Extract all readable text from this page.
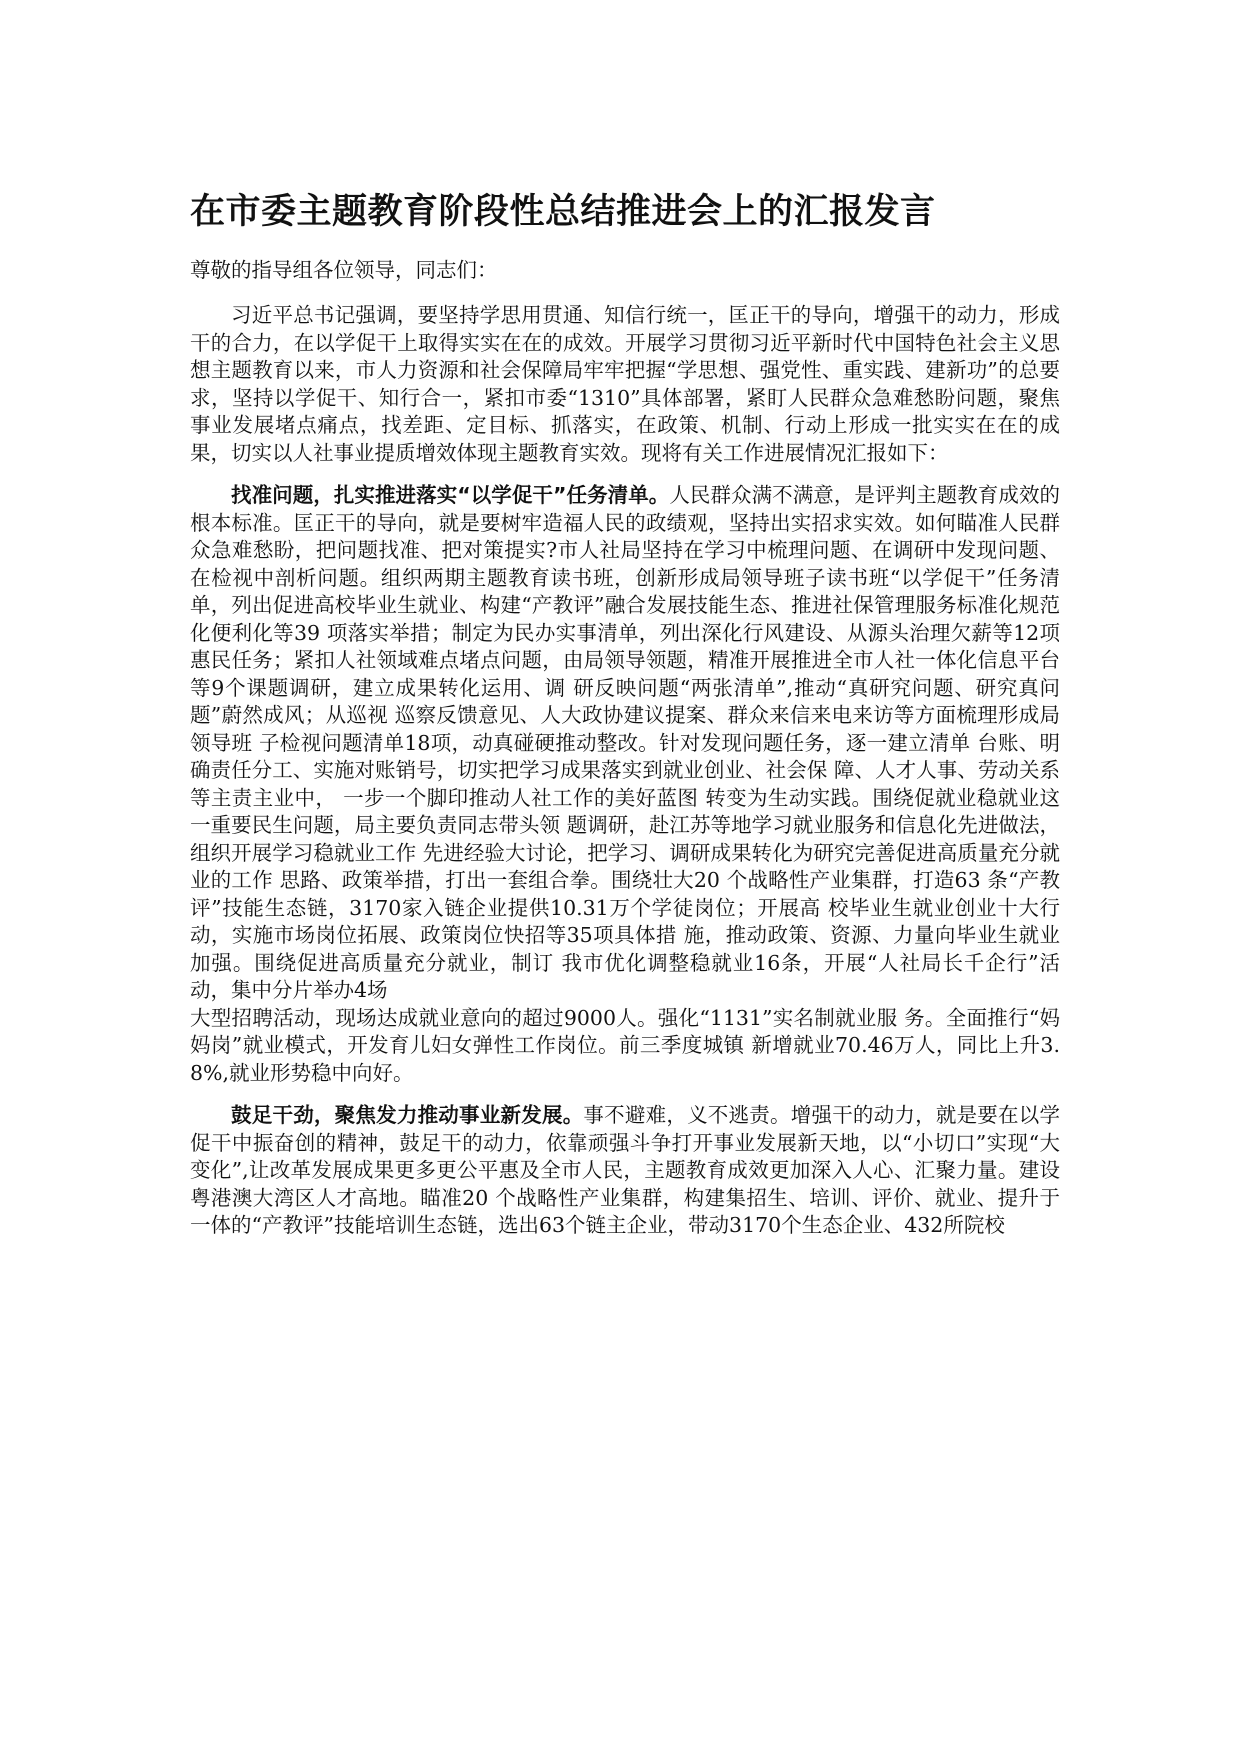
在市委主题教育阶段性总结推进会上的汇报发言

尊敬的指导组各位领导，同志们：

习近平总书记强调，要坚持学思用贯通、知信行统一，匡正干的导向，增强干的动力，形成干的合力，在以学促干上取得实实在在的成效。开展学习贯彻习近平新时代中国特色社会主义思想主题教育以来，市人力资源和社会保障局牢牢把握“学思想、强党性、重实践、建新功”的总要求，坚持以学促干、知行合一，紧扣市委“1310”具体部署，紧盯人民群众急难愁盼问题，聚焦事业发展堵点痛点，找差距、定目标、抓落实，在政策、机制、行动上形成一批实实在在的成果，切实以人社事业提质增效体现主题教育实效。现将有关工作进展情况汇报如下：

找准问题，扎实推进落实“以学促干”任务清单。人民群众满不满意，是评判主题教育成效的根本标准。匡正干的导向，就是要树牢造福人民的政绩观，坚持出实招求实效。如何瞄准人民群众急难愁盼，把问题找准、把对策提实?市人社局坚持在学习中梳理问题、在调研中发现问题、在检视中剖析问题。组织两期主题教育读书班，创新形成局领导班子读书班“以学促干”任务清单，列出促进高校毕业生就业、构建“产教评”融合发展技能生态、推进社保管理服务标准化规范化便利化等39 项落实举措；制定为民办实事清单，列出深化行风建设、从源头治理欠薪等12项惠民任务；紧扣人社领域难点堵点问题，由局领导领题，精准开展推进全市人社一体化信息平台等9个课题调研，建立成果转化运用、调 研反映问题“两张清单”,推动“真研究问题、研究真问题”蔚然成风；从巡视 巡察反馈意见、人大政协建议提案、群众来信来电来访等方面梳理形成局领导班 子检视问题清单18项，动真碰硬推动整改。针对发现问题任务，逐一建立清单 台账、明确责任分工、实施对账销号，切实把学习成果落实到就业创业、社会保 障、人才人事、劳动关系等主责主业中， 一步一个脚印推动人社工作的美好蓝图 转变为生动实践。围绕促就业稳就业这一重要民生问题，局主要负责同志带头领 题调研，赴江苏等地学习就业服务和信息化先进做法，组织开展学习稳就业工作 先进经验大讨论，把学习、调研成果转化为研究完善促进高质量充分就业的工作 思路、政策举措，打出一套组合拳。围绕壮大20 个战略性产业集群，打造63 条“产教评”技能生态链，3170家入链企业提供10.31万个学徒岗位；开展高 校毕业生就业创业十大行动，实施市场岗位拓展、政策岗位快招等35项具体措 施，推动政策、资源、力量向毕业生就业加强。围绕促进高质量充分就业，制订 我市优化调整稳就业16条，开展“人社局长千企行”活动，集中分片举办4场

大型招聘活动，现场达成就业意向的超过9000人。强化“1131”实名制就业服 务。全面推行“妈妈岗”就业模式，开发育儿妇女弹性工作岗位。前三季度城镇 新增就业70.46万人，同比上升3.8%,就业形势稳中向好。

鼓足干劲，聚焦发力推动事业新发展。事不避难，义不逃责。增强干的动力，就是要在以学促干中振奋创的精神，鼓足干的动力，依靠顽强斗争打开事业发展新天地，以“小切口”实现“大变化”,让改革发展成果更多更公平惠及全市人民，主题教育成效更加深入人心、汇聚力量。建设粤港澳大湾区人才高地。瞄准20 个战略性产业集群，构建集招生、培训、评价、就业、提升于一体的“产教评”技能培训生态链，选出63个链主企业，带动3170个生态企业、432所院校
